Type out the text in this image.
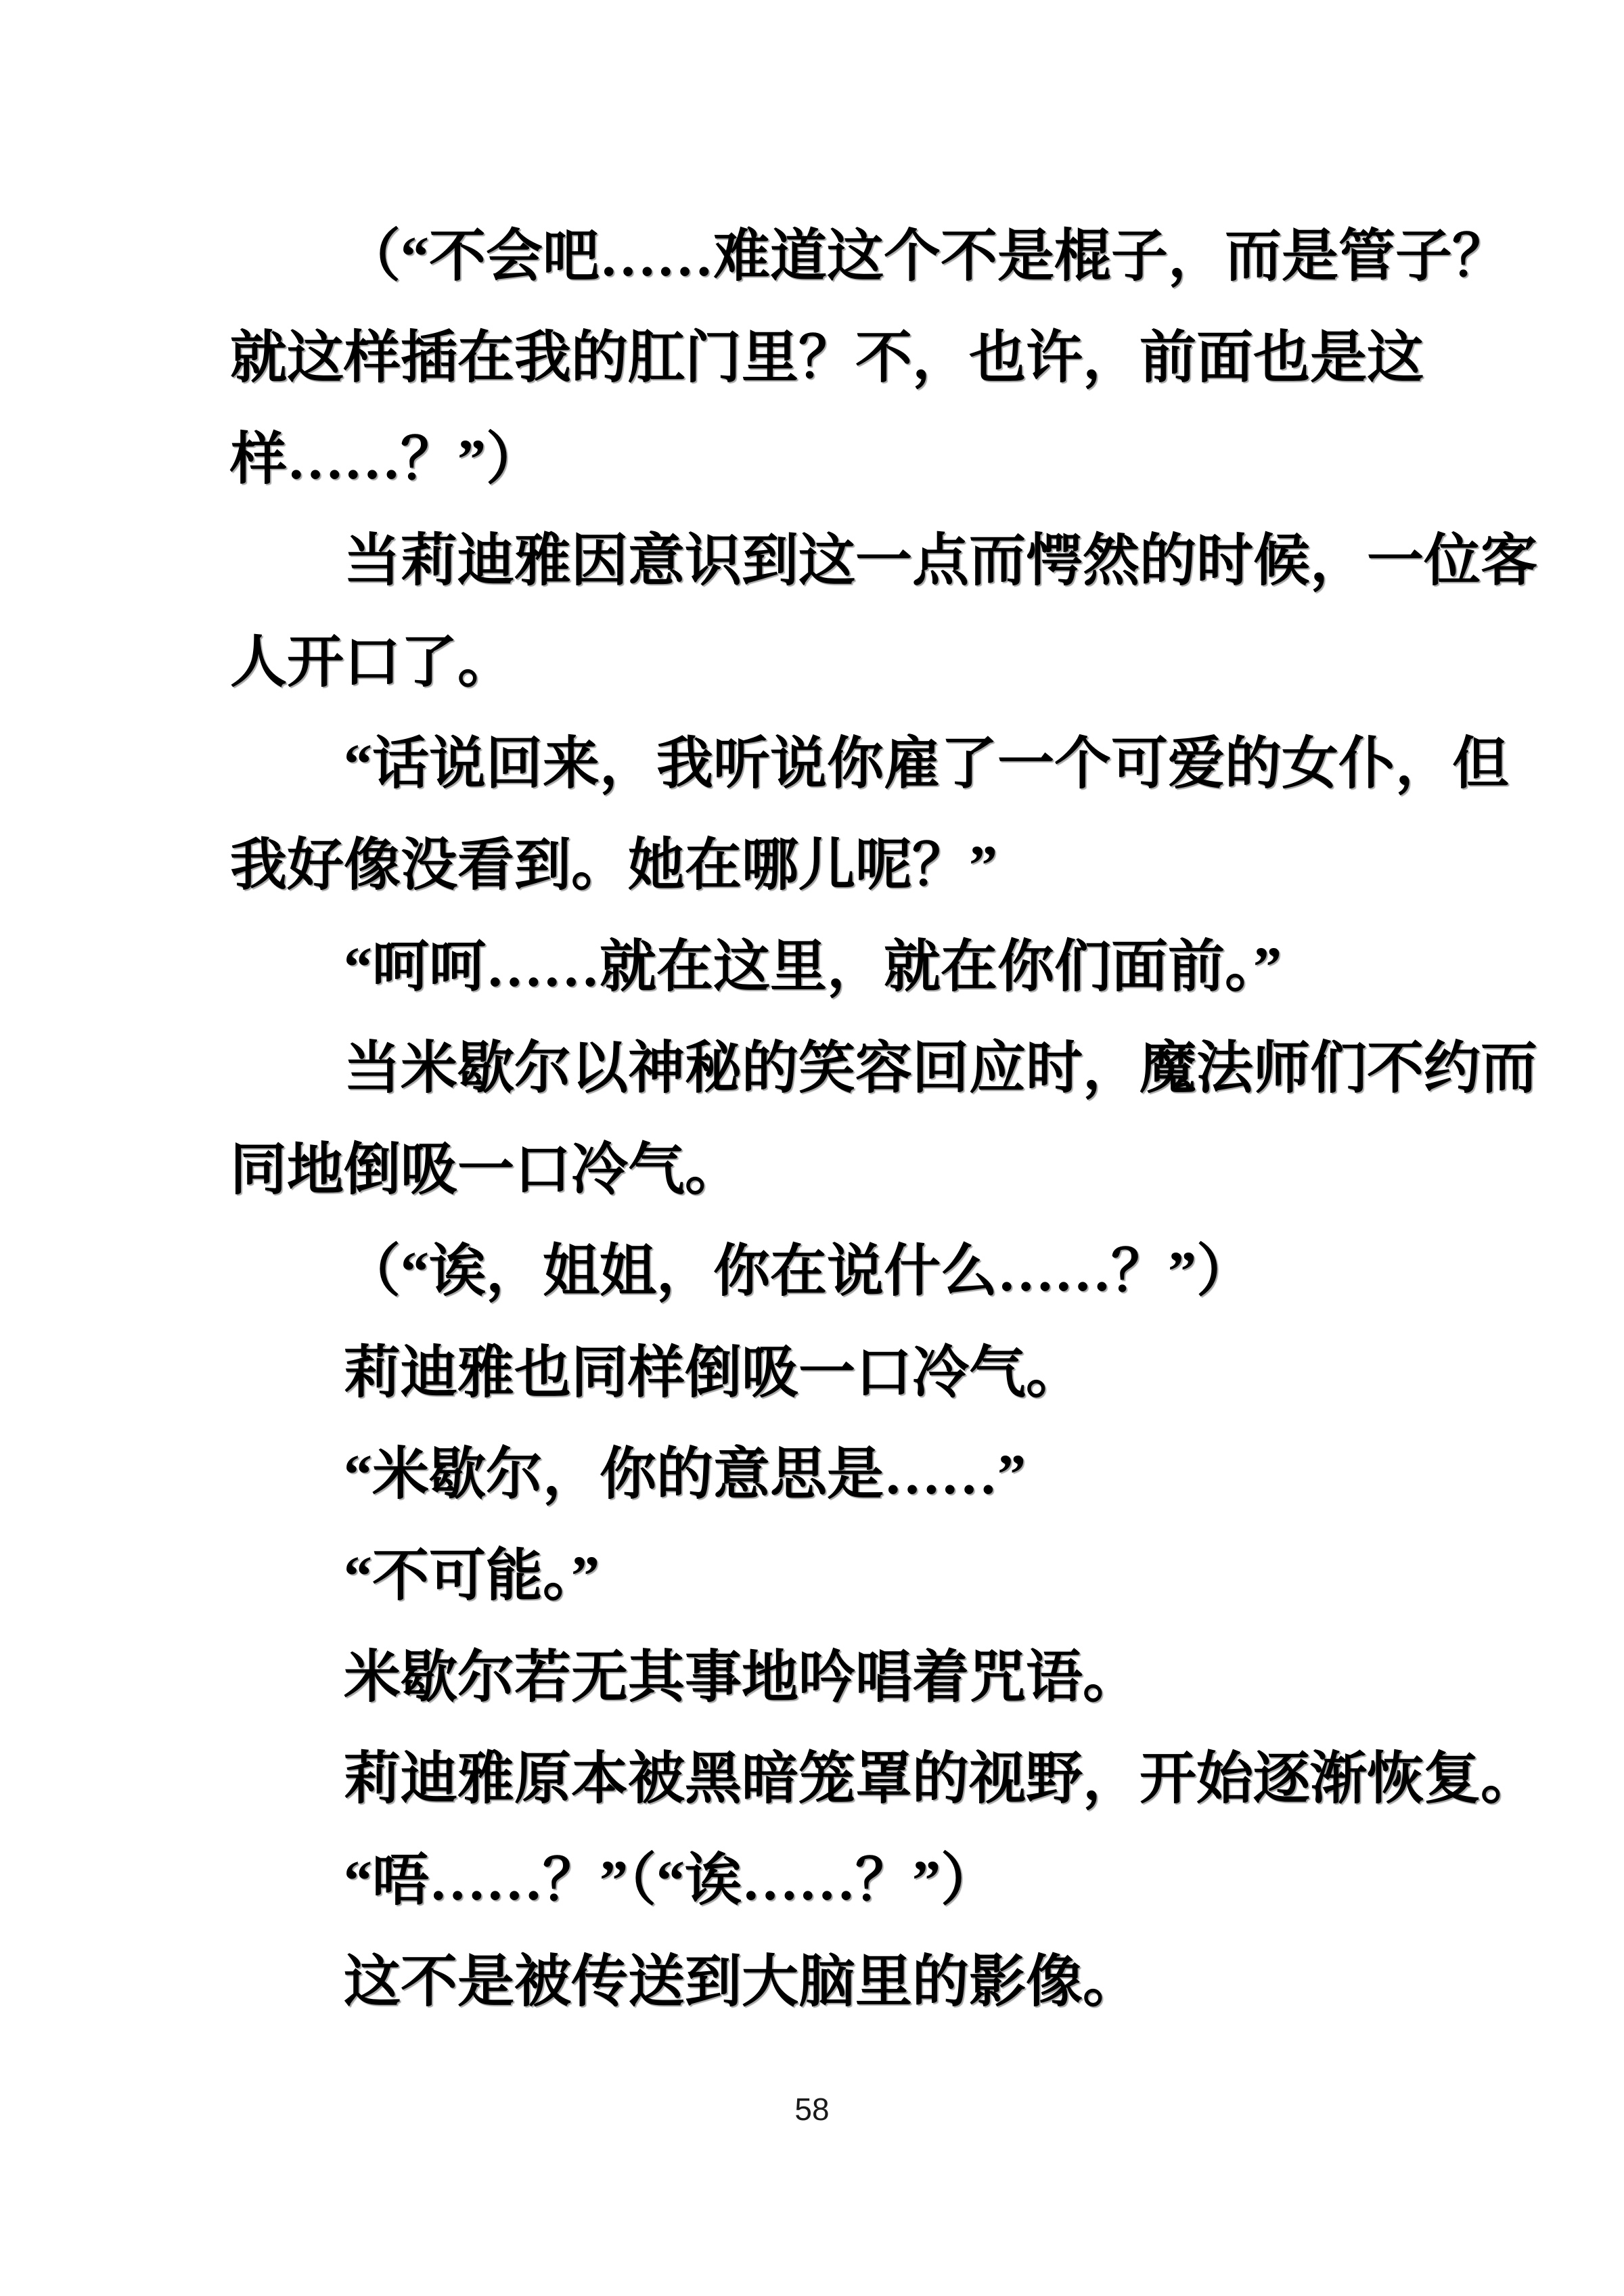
（“不会吧……难道这个不是棍子，而是管子？
就这样插在我的肛门里？不，也许，前面也是这
样……？”）
当莉迪雅因意识到这一点而愕然的时候，一位客
人开口了。
“话说回来，我听说你雇了一个可爱的女仆，但
我好像没看到。她在哪儿呢？”
“呵呵……就在这里，就在你们面前。”
当米歇尔以神秘的笑容回应时，魔法师们不约而
同地倒吸一口冷气。
（“诶，姐姐，你在说什么……？”）
莉迪雅也同样倒吸一口冷气。
“米歇尔，你的意思是……”
“不可能。”
米歇尔若无其事地吟唱着咒语。
莉迪雅原本被黑暗笼罩的视野，开始逐渐恢复。
“唔……？”（“诶……？”）
这不是被传送到大脑里的影像。
58
